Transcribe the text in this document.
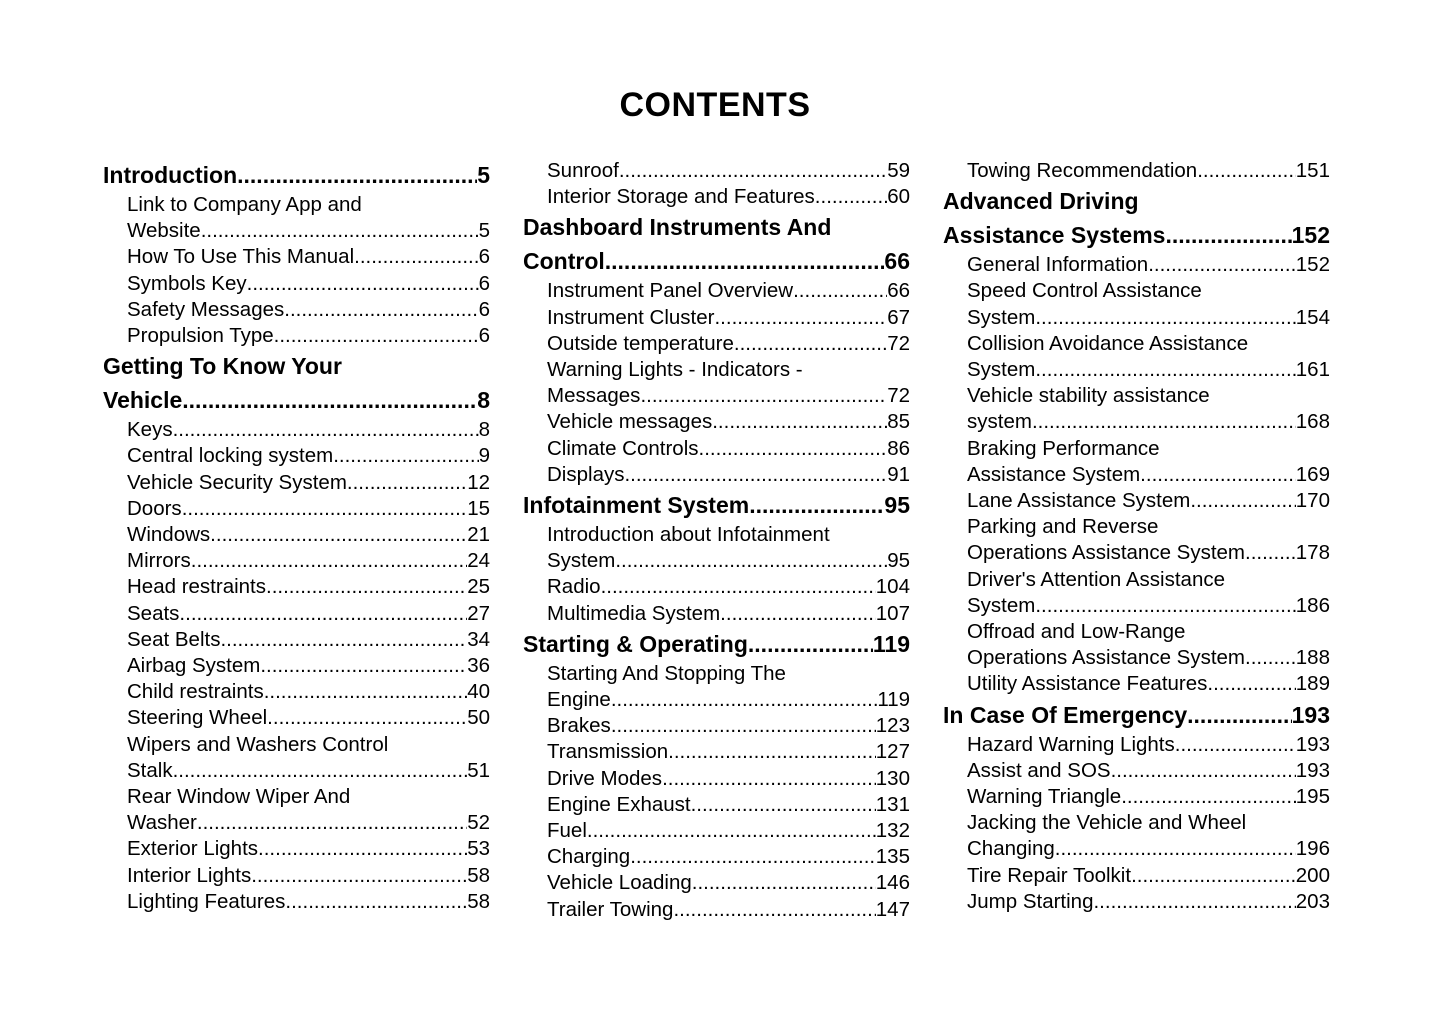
CONTENTS
Introduction .....	5
Link to Company App and
Website .....	5
How To Use This Manual .....	6
Symbols Key .....	6
Safety Messages .....	6
Propulsion Type .....	6
Getting To Know Your
Vehicle .....	8
Keys .....	8
Central locking system .....	9
Vehicle Security System .....	12
Doors .....	15
Windows .....	21
Mirrors .....	24
Head restraints .....	25
Seats .....	27
Seat Belts .....	34
Airbag System .....	36
Child restraints .....	40
Steering Wheel .....	50
Wipers and Washers Control
Stalk .....	51
Rear Window Wiper And
Washer .....	52
Exterior Lights .....	53
Interior Lights .....	58
Lighting Features .....	58
Sunroof .....	59
Interior Storage and Features .....	60
Dashboard Instruments And
Control .....	66
Instrument Panel Overview .....	66
Instrument Cluster .....	67
Outside temperature .....	72
Warning Lights - Indicators -
Messages .....	72
Vehicle messages .....	85
Climate Controls .....	86
Displays .....	91
Infotainment System .....	95
Introduction about Infotainment
System .....	95
Radio .....	104
Multimedia System .....	107
Starting & Operating .....	119
Starting And Stopping The
Engine .....	119
Brakes .....	123
Transmission .....	127
Drive Modes .....	130
Engine Exhaust .....	131
Fuel .....	132
Charging .....	135
Vehicle Loading .....	146
Trailer Towing .....	147
Towing Recommendation .....	151
Advanced Driving
Assistance Systems .....	152
General Information .....	152
Speed Control Assistance
System .....	154
Collision Avoidance Assistance
System .....	161
Vehicle stability assistance
system .....	168
Braking Performance
Assistance System .....	169
Lane Assistance System .....	170
Parking and Reverse
Operations Assistance System ..... 178
Driver's Attention Assistance
System .....	186
Offroad and Low-Range
Operations Assistance System ..... 188
Utility Assistance Features .....	189
In Case Of Emergency .....	193
Hazard Warning Lights .....	193
Assist and SOS .....	193
Warning Triangle .....	195
Jacking the Vehicle and Wheel
Changing .....	196
Tire Repair Toolkit .....	200
Jump Starting .....	203
